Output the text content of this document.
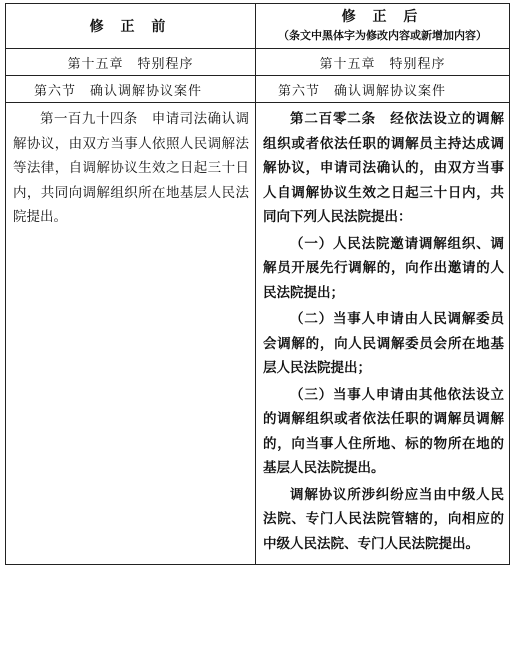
修 正 前	修 正 后
（条文中黑体字为修改内容或新增加内容）

第十五章　特别程序	第十五章　特别程序
第六节　确认调解协议案件	第六节　确认调解协议案件

第一百九十四条　申请司法确认调解协议，由双方当事人依照人民调解法等法律，自调解协议生效之日起三十日内，共同向调解组织所在地基层人民法院提出。	第二百零二条　经依法设立的调解组织或者依法任职的调解员主持达成调解协议，申请司法确认的，由双方当事人自调解协议生效之日起三十日内，共同向下列人民法院提出：

（一）人民法院邀请调解组织、调解员开展先行调解的，向作出邀请的人民法院提出；

（二）当事人申请由人民调解委员会调解的，向人民调解委员会所在地基层人民法院提出；

（三）当事人申请由其他依法设立的调解组织或者依法任职的调解员调解的，向当事人住所地、标的物所在地的基层人民法院提出。

调解协议所涉纠纷应当由中级人民法院、专门人民法院管辖的，向相应的中级人民法院、专门人民法院提出。
